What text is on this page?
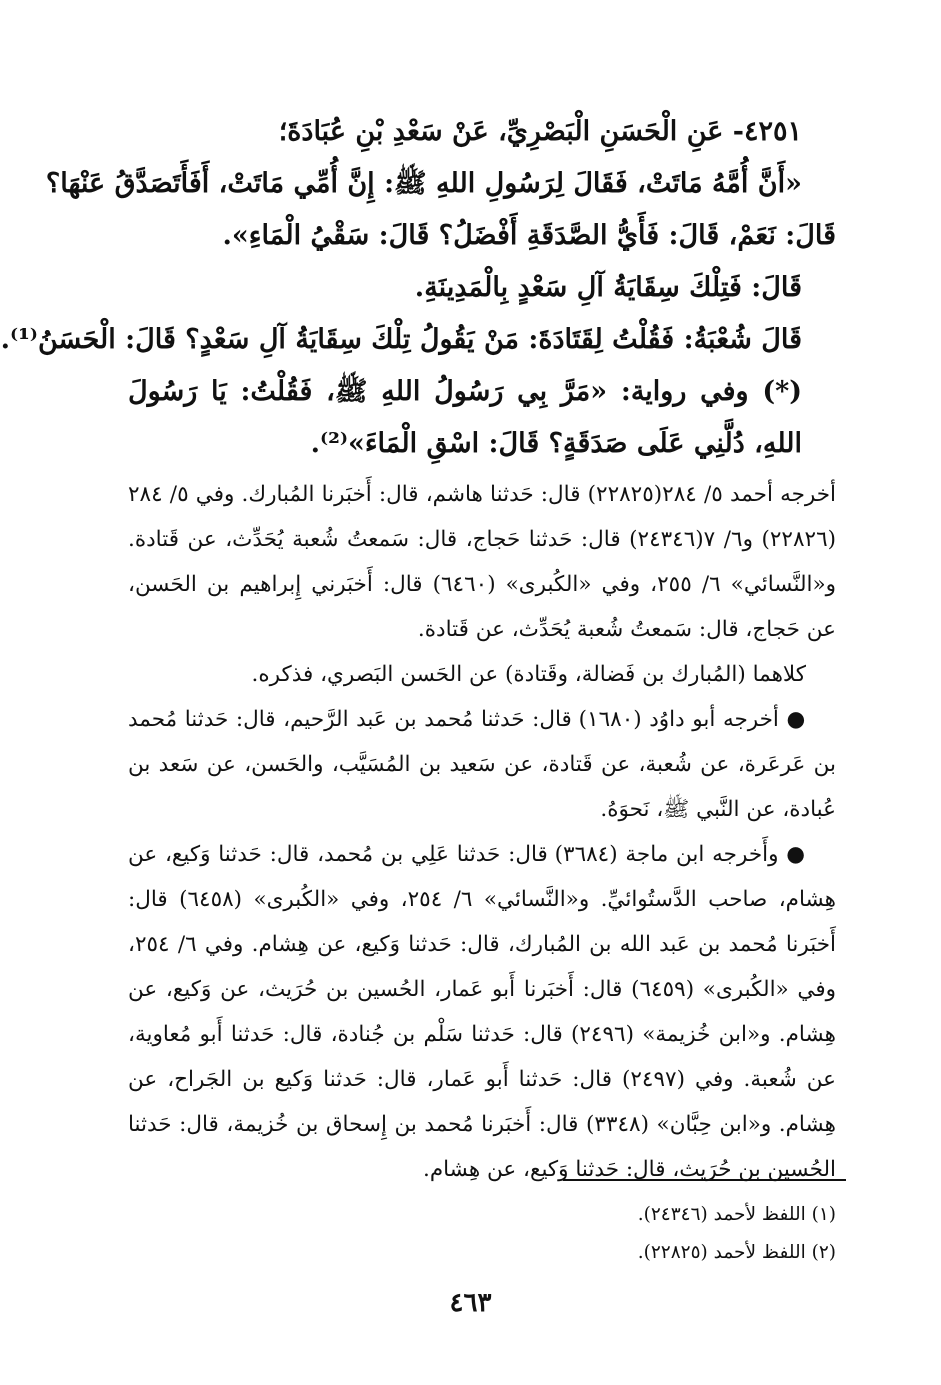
٤٢٥١- عَنِ الْحَسَنِ الْبَصْرِيِّ، عَنْ سَعْدِ بْنِ عُبَادَةَ؛

«أَنَّ أُمَّهُ مَاتَتْ، فَقَالَ لِرَسُولِ اللهِ ﷺ: إِنَّ أُمِّي مَاتَتْ، أَفَأَتَصَدَّقُ عَنْهَا؟

قَالَ: نَعَمْ، قَالَ: فَأَيُّ الصَّدَقَةِ أَفْضَلُ؟ قَالَ: سَقْيُ الْمَاءِ».

قَالَ: فَتِلْكَ سِقَايَةُ آلِ سَعْدٍ بِالْمَدِينَةِ.

قَالَ شُعْبَةُ: فَقُلْتُ لِقَتَادَةَ: مَنْ يَقُولُ تِلْكَ سِقَايَةُ آلِ سَعْدٍ؟ قَالَ: الْحَسَنُ⁽¹⁾.

(*) وفي رواية: «مَرَّ بِي رَسُولُ اللهِ ﷺ، فَقُلْتُ: يَا رَسُولَ اللهِ، دُلَّنِي عَلَى صَدَقَةٍ؟ قَالَ: اسْقِ الْمَاءَ»⁽²⁾.

أخرجه أحمد ٥/ ٢٨٤(٢٢٨٢٥) قال: حَدثنا هاشم، قال: أَخبَرنا المُبارك. وفي ٥/ ٢٨٤ (٢٢٨٢٦) و٦/ ٧(٢٤٣٤٦) قال: حَدثنا حَجاج، قال: سَمعتُ شُعبة يُحَدِّث، عن قَتادة. و«النَّسائي» ٦/ ٢٥٥، وفي «الكُبرى» (٦٤٦٠) قال: أَخبَرني إِبراهيم بن الحَسن، عن حَجاج، قال: سَمعتُ شُعبة يُحَدِّث، عن قَتادة.

كلاهما (المُبارك بن فَضالة، وقَتادة) عن الحَسن البَصري، فذكره.

● أخرجه أبو داوُد (١٦٨٠) قال: حَدثنا مُحمد بن عَبد الرَّحيم، قال: حَدثنا مُحمد بن عَرعَرة، عن شُعبة، عن قَتادة، عن سَعيد بن المُسَيَّب، والحَسن، عن سَعد بن عُبادة، عن النَّبي ﷺ، نَحوَهُ.

● وأَخرجه ابن ماجة (٣٦٨٤) قال: حَدثنا عَلِي بن مُحمد، قال: حَدثنا وَكيع، عن هِشام، صاحب الدَّستُوائيِّ. و«النَّسائي» ٦/ ٢٥٤، وفي «الكُبرى» (٦٤٥٨) قال: أَخبَرنا مُحمد بن عَبد الله بن المُبارك، قال: حَدثنا وَكيع، عن هِشام. وفي ٦/ ٢٥٤، وفي «الكُبرى» (٦٤٥٩) قال: أَخبَرنا أَبو عَمار، الحُسين بن حُرَيث، عن وَكيع، عن هِشام. و«ابن خُزيمة» (٢٤٩٦) قال: حَدثنا سَلْم بن جُنادة، قال: حَدثنا أَبو مُعاوية، عن شُعبة. وفي (٢٤٩٧) قال: حَدثنا أَبو عَمار، قال: حَدثنا وَكيع بن الجَراح، عن هِشام. و«ابن حِبَّان» (٣٣٤٨) قال: أَخبَرنا مُحمد بن إِسحاق بن خُزيمة، قال: حَدثنا الحُسين بن حُرَيث، قال: حَدثنا وَكيع، عن هِشام.

(١) اللفظ لأحمد (٢٤٣٤٦).

(٢) اللفظ لأحمد (٢٢٨٢٥).

٤٦٣
